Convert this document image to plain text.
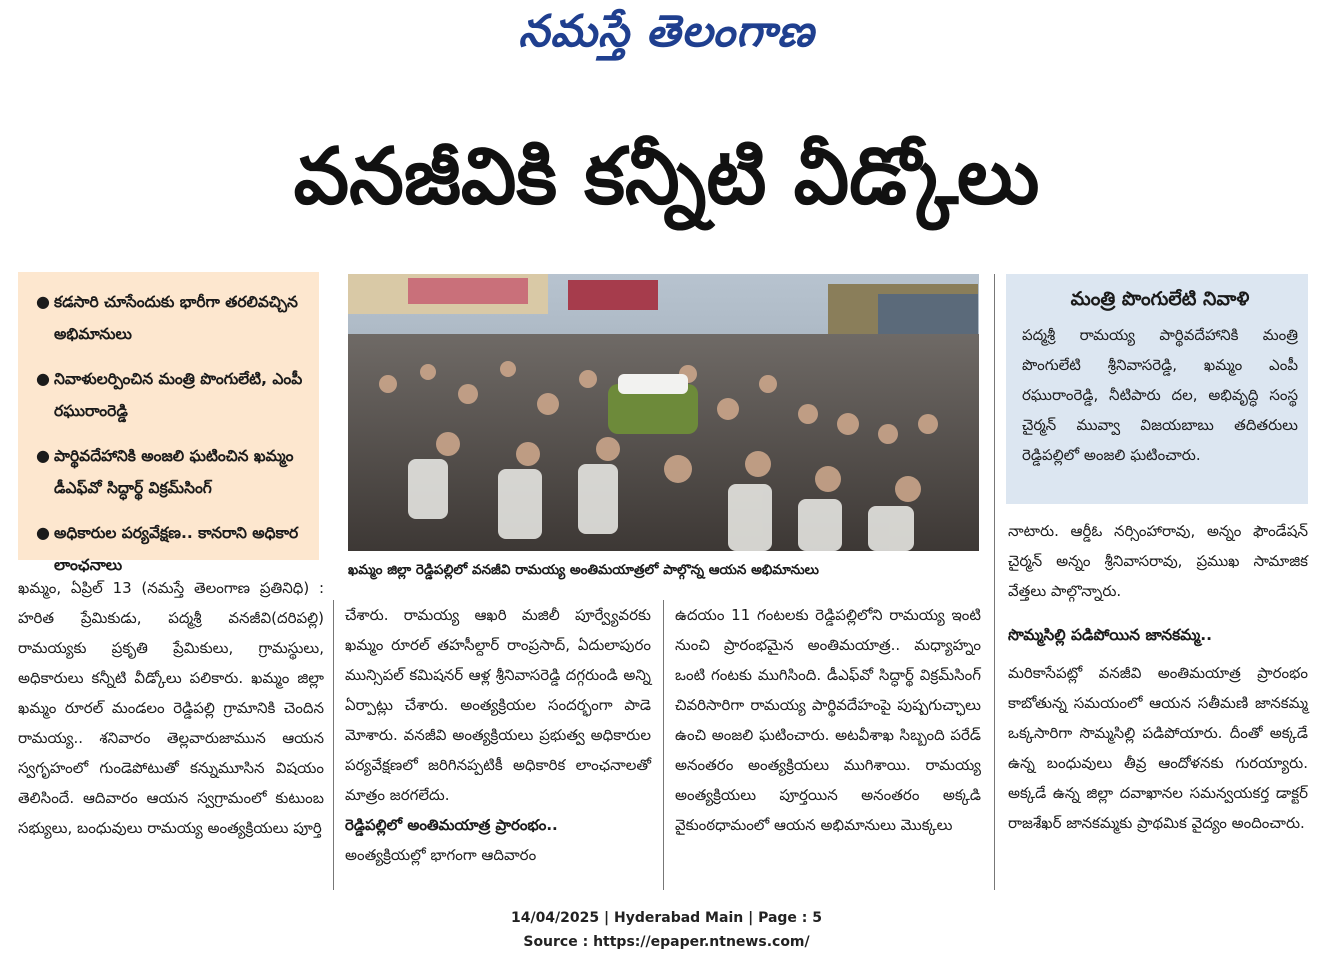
నమస్తే తెలంగాణ
వనజీవికి కన్నీటి వీడ్కోలు
● కడసారి చూసేందుకు భారీగా తరలివచ్చిన అభిమానులు
● నివాళులర్పించిన మంత్రి పొంగులేటి, ఎంపీ రఘురాంరెడ్డి
● పార్థివదేహానికి అంజలి ఘటించిన ఖమ్మం డీఎఫ్‌వో సిద్ధార్థ్ విక్రమ్‌సింగ్
● అధికారుల పర్యవేక్షణ.. కానరాని అధికార లాంఛనాలు	ఖమ్మం జిల్లా రెడ్డిపల్లిలో వనజీవి రామయ్య అంతిమయాత్రలో పాల్గొన్న ఆయన అభిమానులు
మంత్రి పొంగులేటి నివాళి

పద్మశ్రీ రామయ్య పార్థివదేహానికి మంత్రి పొంగులేటి శ్రీనివాసరెడ్డి, ఖమ్మం ఎంపీ రఘురాంరెడ్డి, నీటిపారు దల, అభివృద్ధి సంస్థ చైర్మన్ మువ్వా విజయబాబు తదితరులు రెడ్డిపల్లిలో అంజలి ఘటించారు.

ఖమ్మం, ఏప్రిల్ 13 (నమస్తే తెలంగాణ ప్రతినిధి) : హరిత ప్రేమికుడు, పద్మశ్రీ వనజీవి(దరిపల్లి) రామయ్యకు ప్రకృతి ప్రేమికులు, గ్రామస్థులు, అధికారులు కన్నీటి వీడ్కోలు పలికారు. ఖమ్మం జిల్లా ఖమ్మం రూరల్ మండలం రెడ్డిపల్లి గ్రామానికి చెందిన రామయ్య.. శనివారం తెల్లవారుజామున ఆయన స్వగృహంలో గుండెపోటుతో కన్నుమూసిన విషయం తెలిసిందే. ఆదివారం ఆయన స్వగ్రామంలో కుటుంబ సభ్యులు, బంధువులు రామయ్య అంత్యక్రియలు పూర్తి

చేశారు. రామయ్య ఆఖరి మజిలీ పూర్వ్యేవరకు ఖమ్మం రూరల్ తహసీల్దార్ రాంప్రసాద్, ఏదులాపురం మున్సిపల్ కమిషనర్ ఆళ్ల శ్రీనివాసరెడ్డి దగ్గరుండి అన్ని ఏర్పాట్లు చేశారు. అంత్యక్రియల సందర్భంగా పాడె మోశారు. వనజీవి అంత్యక్రియలు ప్రభుత్వ అధికారుల పర్యవేక్షణలో జరిగినప్పటికీ అధికారిక లాంఛనాలతో మాత్రం జరగలేదు.

రెడ్డిపల్లిలో అంతిమయాత్ర ప్రారంభం..

అంత్యక్రియల్లో భాగంగా ఆదివారం

ఉదయం 11 గంటలకు రెడ్డిపల్లిలోని రామయ్య ఇంటి నుంచి ప్రారంభమైన అంతిమయాత్ర.. మధ్యాహ్నం ఒంటి గంటకు ముగిసింది. డీఎఫ్‌వో సిద్ధార్థ్ విక్రమ్‌సింగ్ చివరిసారిగా రామయ్య పార్థివదేహంపై పుష్పగుచ్ఛాలు ఉంచి అంజలి ఘటించారు. అటవీశాఖ సిబ్బంది పరేడ్ అనంతరం అంత్యక్రియలు ముగిశాయి. రామయ్య అంత్యక్రియలు పూర్తయిన అనంతరం అక్కడి వైకుంఠధామంలో ఆయన అభిమానులు మొక్కలు

నాటారు. ఆర్డీఓ నర్సింహారావు, అన్నం ఫౌండేషన్ చైర్మన్ అన్నం శ్రీనివాసరావు, ప్రముఖ సామాజిక వేత్తలు పాల్గొన్నారు.

సొమ్మసిల్లి పడిపోయిన జానకమ్మ..

మరికాసేపట్లో వనజీవి అంతిమయాత్ర ప్రారంభం కాబోతున్న సమయంలో ఆయన సతీమణి జానకమ్మ ఒక్కసారిగా సొమ్మసిల్లి పడిపోయారు. దీంతో అక్కడే ఉన్న బంధువులు తీవ్ర ఆందోళనకు గురయ్యారు. అక్కడే ఉన్న జిల్లా దవాఖానల సమన్వయకర్త డాక్టర్ రాజశేఖర్ జానకమ్మకు ప్రాథమిక వైద్యం అందించారు.

14/04/2025 | Hyderabad Main | Page : 5
Source : https://epaper.ntnews.com/
